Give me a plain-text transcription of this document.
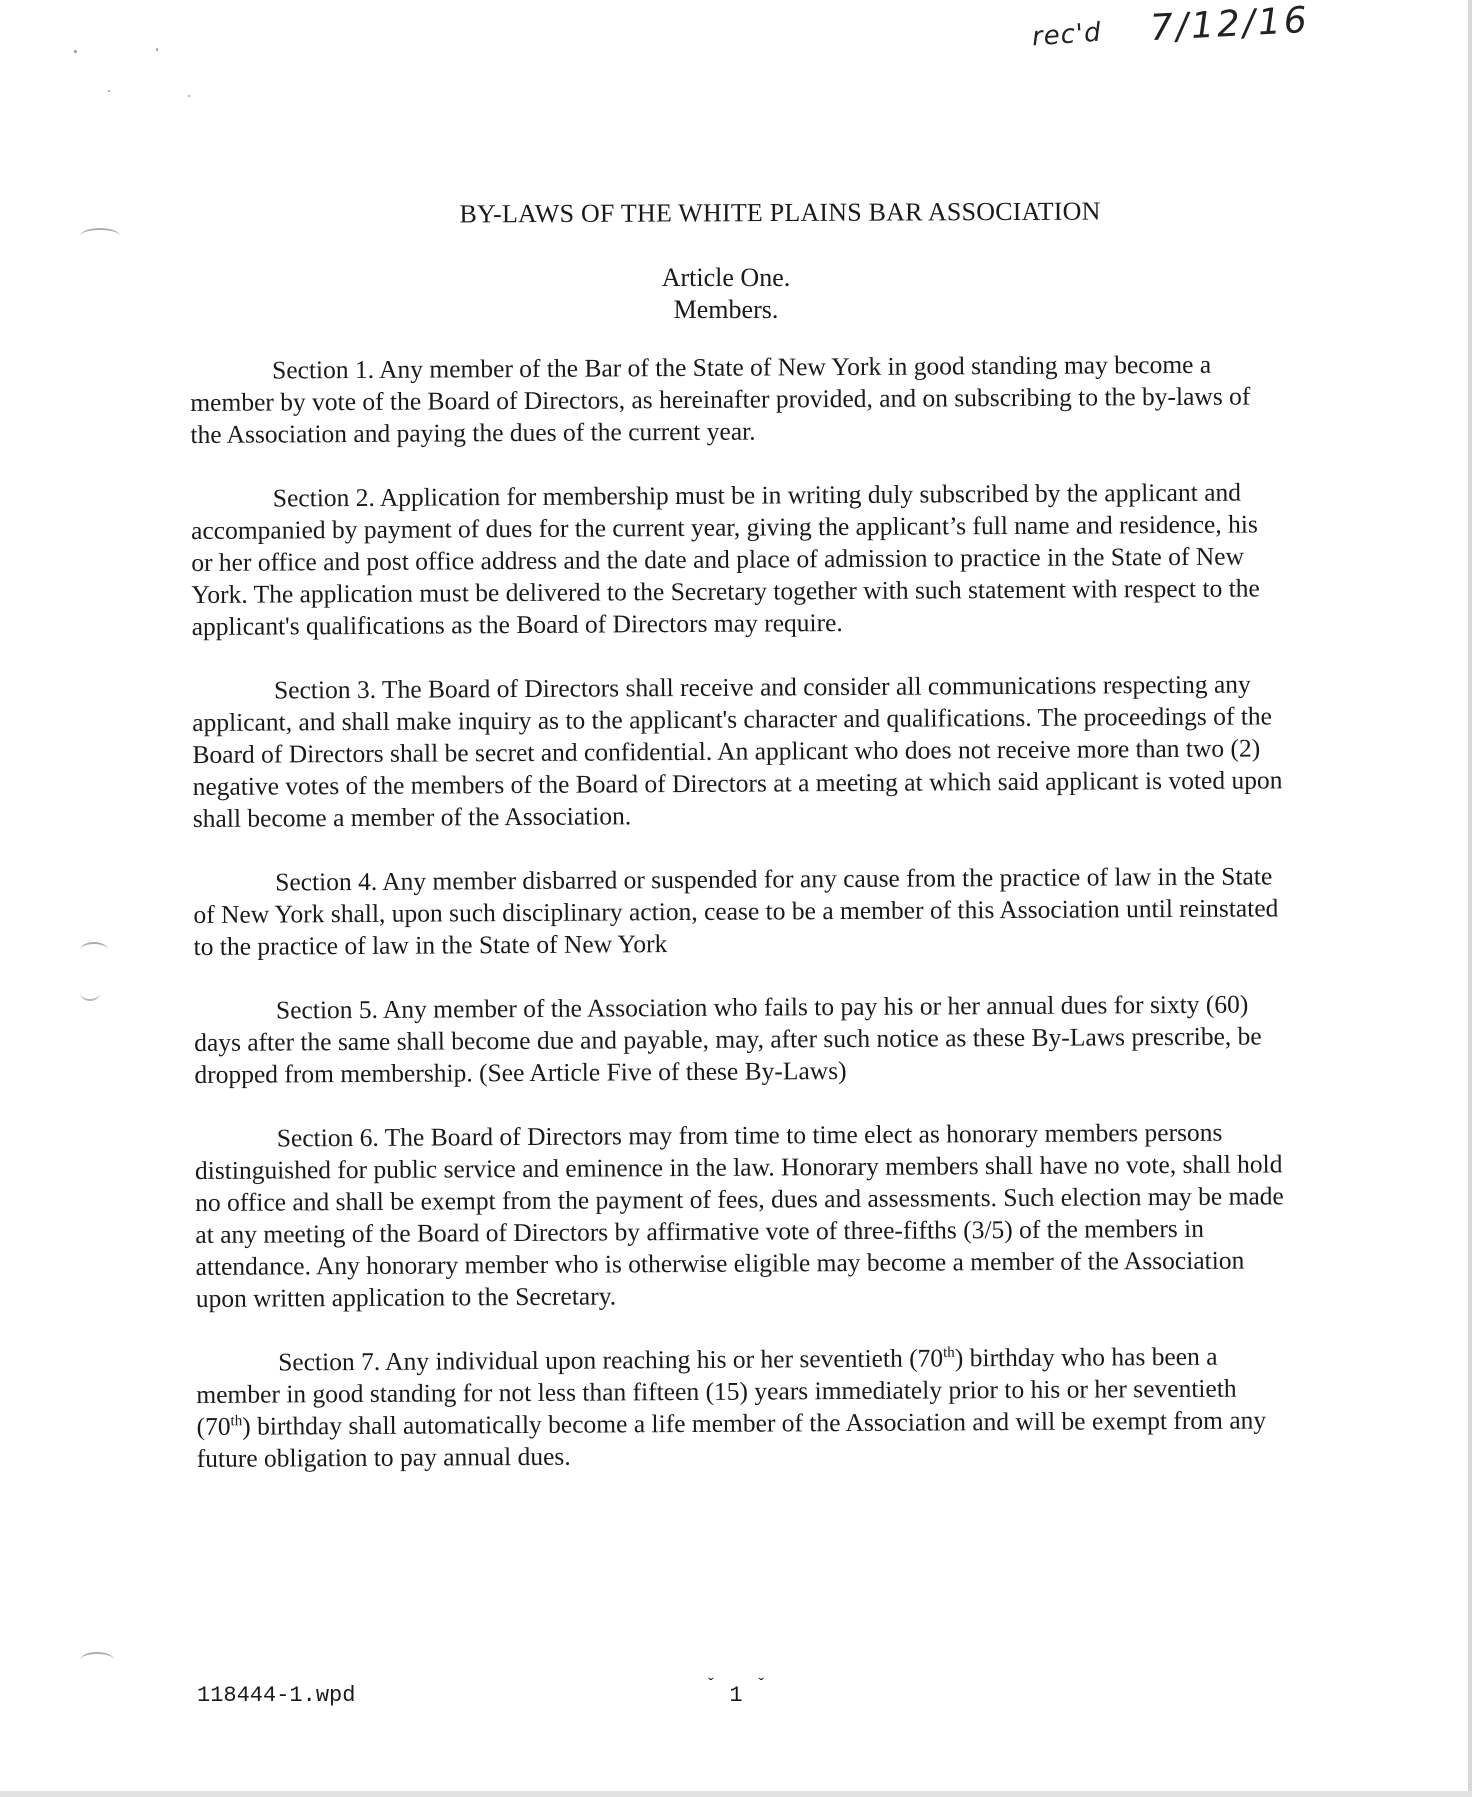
rec'd 7/12/16
BY-LAWS OF THE WHITE PLAINS BAR ASSOCIATION
Article One.
Members.

Section 1. Any member of the Bar of the State of New York in good standing may become a member by vote of the Board of Directors, as hereinafter provided, and on subscribing to the by-laws of the Association and paying the dues of the current year.

Section 2. Application for membership must be in writing duly subscribed by the applicant and accompanied by payment of dues for the current year, giving the applicant’s full name and residence, his or her office and post office address and the date and place of admission to practice in the State of New York. The application must be delivered to the Secretary together with such statement with respect to the applicant's qualifications as the Board of Directors may require.

Section 3. The Board of Directors shall receive and consider all communications respecting any applicant, and shall make inquiry as to the applicant's character and qualifications. The proceedings of the Board of Directors shall be secret and confidential. An applicant who does not receive more than two (2) negative votes of the members of the Board of Directors at a meeting at which said applicant is voted upon shall become a member of the Association.

Section 4. Any member disbarred or suspended for any cause from the practice of law in the State of New York shall, upon such disciplinary action, cease to be a member of this Association until reinstated to the practice of law in the State of New York

Section 5. Any member of the Association who fails to pay his or her annual dues for sixty (60) days after the same shall become due and payable, may, after such notice as these By-Laws prescribe, be dropped from membership. (See Article Five of these By-Laws)

Section 6. The Board of Directors may from time to time elect as honorary members persons distinguished for public service and eminence in the law. Honorary members shall have no vote, shall hold no office and shall be exempt from the payment of fees, dues and assessments. Such election may be made at any meeting of the Board of Directors by affirmative vote of three-fifths (3/5) of the members in attendance. Any honorary member who is otherwise eligible may become a member of the Association upon written application to the Secretary.

Section 7. Any individual upon reaching his or her seventieth (70th) birthday who has been a member in good standing for not less than fifteen (15) years immediately prior to his or her seventieth (70th) birthday shall automatically become a life member of the Association and will be exempt from any future obligation to pay annual dues.

118444-1.wpd	$^ˇ$ 1 $^ˇ$
